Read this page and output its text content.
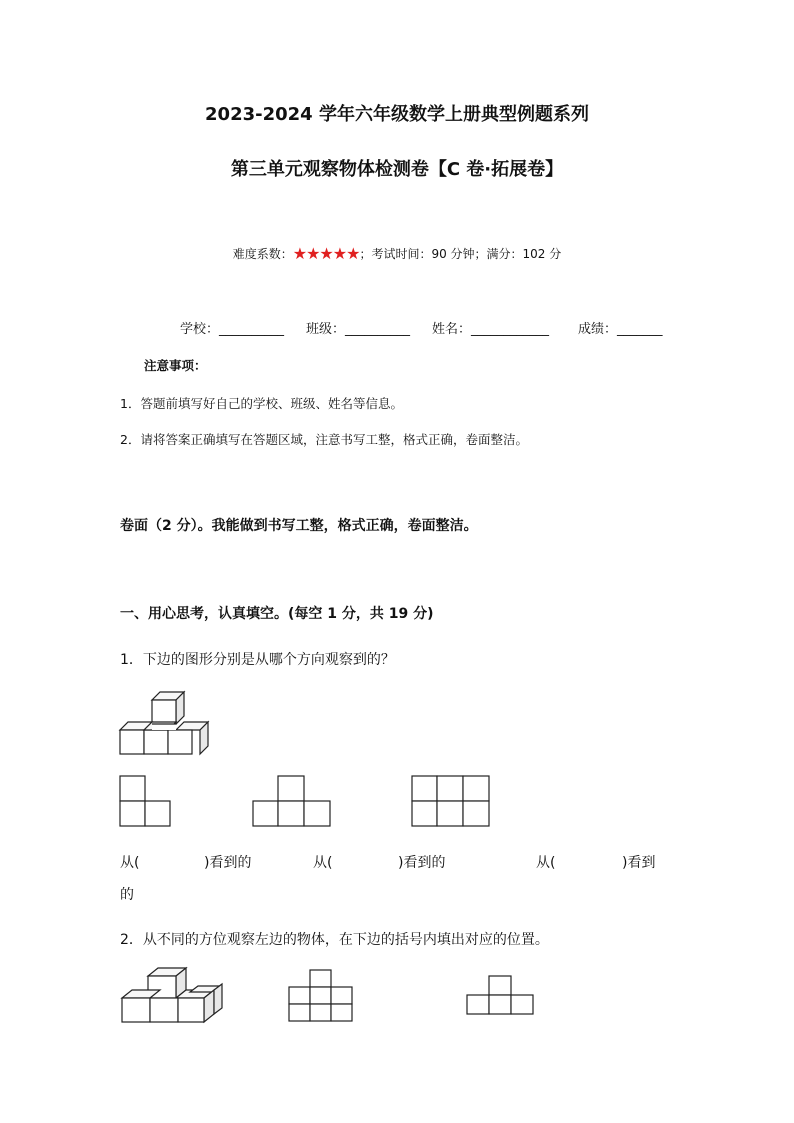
2023-2024 学年六年级数学上册典型例题系列
第三单元观察物体检测卷【C 卷·拓展卷】
难度系数：★★★★★；考试时间：90 分钟；满分：102 分
学校：__________ 班级：__________ 姓名：____________ 成绩：_______
注意事项：
1．答题前填写好自己的学校、班级、姓名等信息。
2．请将答案正确填写在答题区域，注意书写工整，格式正确，卷面整洁。
卷面（2 分）。我能做到书写工整，格式正确，卷面整洁。
一、用心思考，认真填空。(每空 1 分，共 19 分)
1．下边的图形分别是从哪个方向观察到的？
从(	)看到的	从(	)看到的	从(	)看到
的
2．从不同的方位观察左边的物体，在下边的括号内填出对应的位置。
